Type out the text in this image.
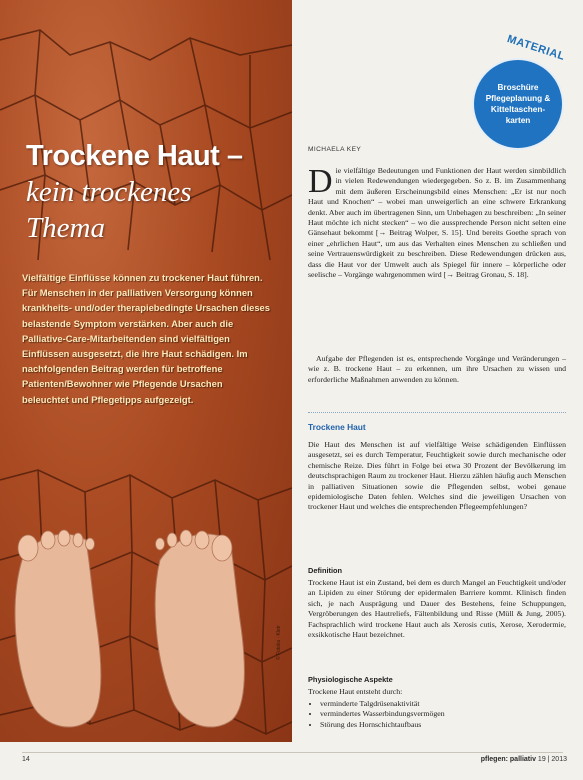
Trockene Haut –
kein trockenes
Thema
Vielfältige Einflüsse können zu trockener Haut führen. Für Menschen in der palliativen Versorgung können krankheits- und/oder therapiebedingte Ursachen dieses belastende Symptom verstärken. Aber auch die Palliative-Care-Mitarbeitenden sind vielfältigen Einflüssen ausgesetzt, die ihre Haut schädigen. Im nachfolgenden Beitrag werden für betroffene Patienten/Bewohner wie Pflegende Ursachen beleuchtet und Pflegetipps aufgezeigt.
© Fotolia · Kletr
MATERIAL
Broschüre
Pflegeplanung &
Kitteltaschen-
karten
MICHAELA KEY
Die vielfältige Bedeutungen und Funktionen der Haut werden sinnbildlich in vielen Redewendungen wiedergegeben. So z. B. im Zusammenhang mit dem äußeren Erscheinungsbild eines Menschen: „Er ist nur noch Haut und Knochen“ – wobei man unweigerlich an eine schwere Erkrankung denkt. Aber auch im übertragenen Sinn, um Unbehagen zu beschreiben: „In seiner Haut möchte ich nicht stecken“ – wo die aussprechende Person nicht selten eine Gänsehaut bekommt [→ Beitrag Wolper, S. 15]. Und bereits Goethe sprach von einer „ehrlichen Haut“, um aus das Verhalten eines Menschen zu schließen und seine Vertrauenswürdigkeit zu beschreiben. Diese Redewendungen drücken aus, dass die Haut vor der Umwelt auch als Spiegel für innere – körperliche oder seelische – Vorgänge wahrgenommen wird [→ Beitrag Gronau, S. 18].
Aufgabe der Pflegenden ist es, entsprechende Vorgänge und Veränderungen – wie z. B. trockene Haut – zu erkennen, um ihre Ursachen zu wissen und erforderliche Maßnahmen anwenden zu können.
Trockene Haut
Die Haut des Menschen ist auf vielfältige Weise schädigenden Einflüssen ausgesetzt, sei es durch Temperatur, Feuchtigkeit sowie durch mechanische oder chemische Reize. Dies führt in Folge bei etwa 30 Prozent der Bevölkerung im deutschsprachigen Raum zu trockener Haut. Hierzu zählen häufig auch Menschen in palliativen Situationen sowie die Pflegenden selbst, wobei genaue epidemiologische Daten fehlen. Welches sind die jeweiligen Ursachen von trockener Haut und welches die entsprechenden Pflegeempfehlungen?
Definition
Trockene Haut ist ein Zustand, bei dem es durch Mangel an Feuchtigkeit und/oder an Lipiden zu einer Störung der epidermalen Barriere kommt. Klinisch finden sich, je nach Ausprägung und Dauer des Bestehens, feine Schuppungen, Vergröberungen des Hautreliefs, Fältenbildung und Risse (Müll & Jung, 2005). Fachsprachlich wird trockene Haut auch als Xerosis cutis, Xerose, Xerodermie, exsikkotische Haut bezeichnet.
Physiologische Aspekte
Trockene Haut entsteht durch:
• verminderte Talgdrüsenaktivität
• vermindertes Wasserbindungsvermögen
• Störung des Hornschichtaufbaus
14	pflegen: palliativ 19 | 2013
